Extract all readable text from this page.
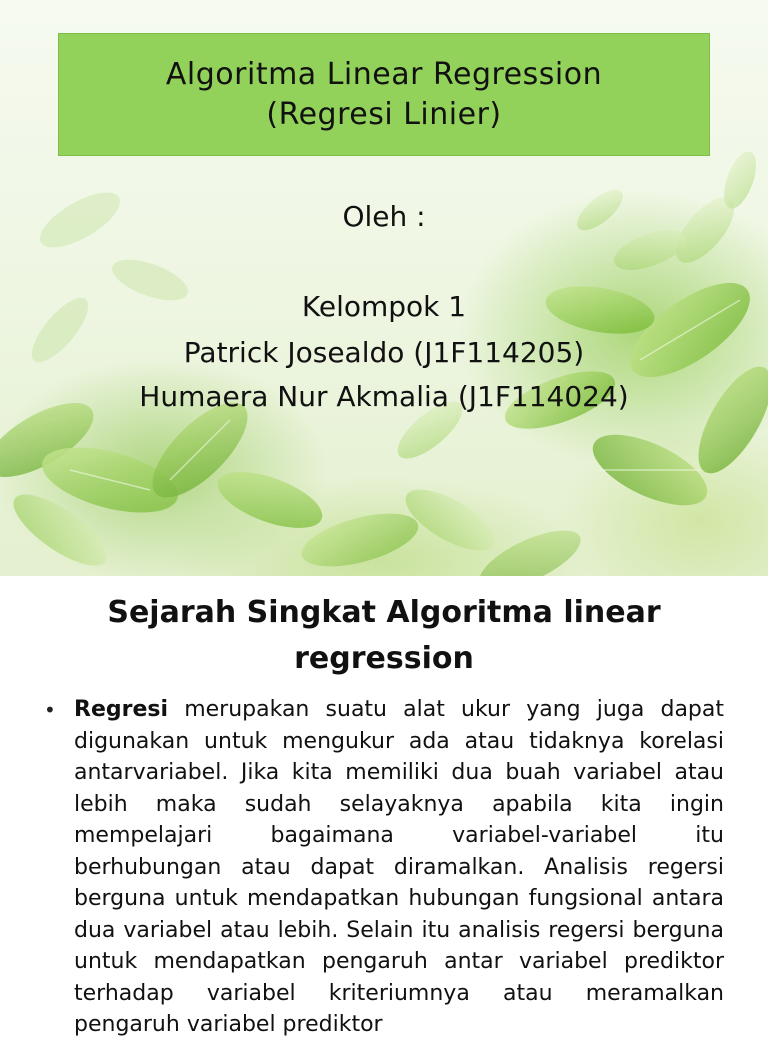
Algoritma Linear Regression
(Regresi Linier)
Oleh :
Kelompok 1
Patrick Josealdo (J1F114205)
Humaera Nur Akmalia (J1F114024)
Sejarah Singkat Algoritma linear regression
• Regresi merupakan suatu alat ukur yang juga dapat digunakan untuk mengukur ada atau tidaknya korelasi antarvariabel. Jika kita memiliki dua buah variabel atau lebih maka sudah selayaknya apabila kita ingin mempelajari bagaimana variabel-variabel itu berhubungan atau dapat diramalkan. Analisis regersi berguna untuk mendapatkan hubungan fungsional antara dua variabel atau lebih. Selain itu analisis regersi berguna untuk mendapatkan pengaruh antar variabel prediktor terhadap variabel kriteriumnya atau meramalkan pengaruh variabel prediktor
